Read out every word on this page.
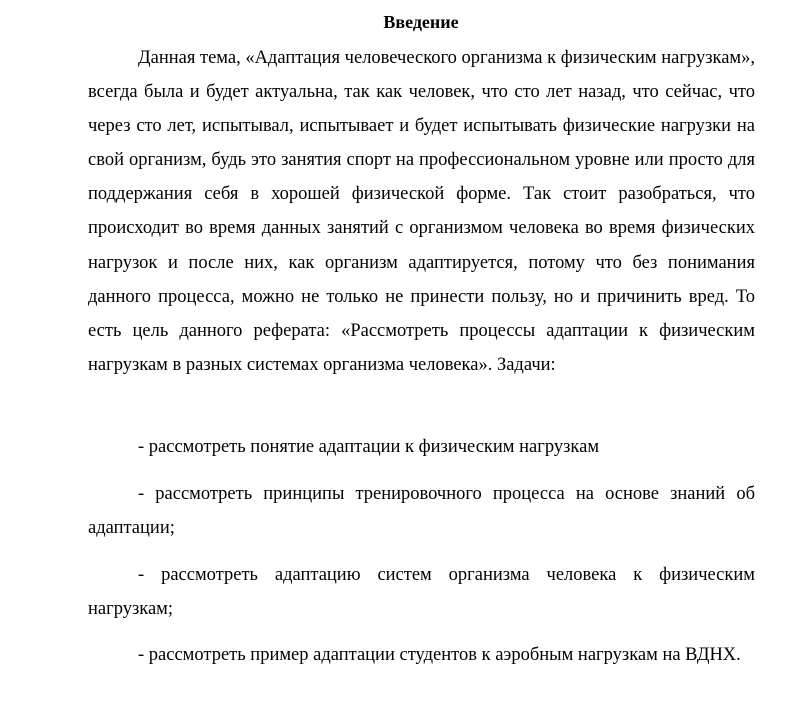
Введение

Данная тема, «Адаптация человеческого организма к физическим нагрузкам», всегда была и будет актуальна, так как человек, что сто лет назад, что сейчас, что через сто лет, испытывал, испытывает и будет испытывать физические нагрузки на свой организм, будь это занятия спорт на профессиональном уровне или просто для поддержания себя в хорошей физической форме. Так стоит разобраться, что происходит во время данных занятий с организмом человека во время физических нагрузок и после них, как организм адаптируется, потому что без понимания данного процесса, можно не только не принести пользу, но и причинить вред. То есть цель данного реферата: «Рассмотреть процессы адаптации к физическим нагрузкам в разных системах организма человека». Задачи:

- рассмотреть понятие адаптации к физическим нагрузкам

- рассмотреть принципы тренировочного процесса на основе знаний об адаптации;

- рассмотреть адаптацию систем организма человека к физическим нагрузкам;

- рассмотреть пример адаптации студентов к аэробным нагрузкам на ВДНХ.
